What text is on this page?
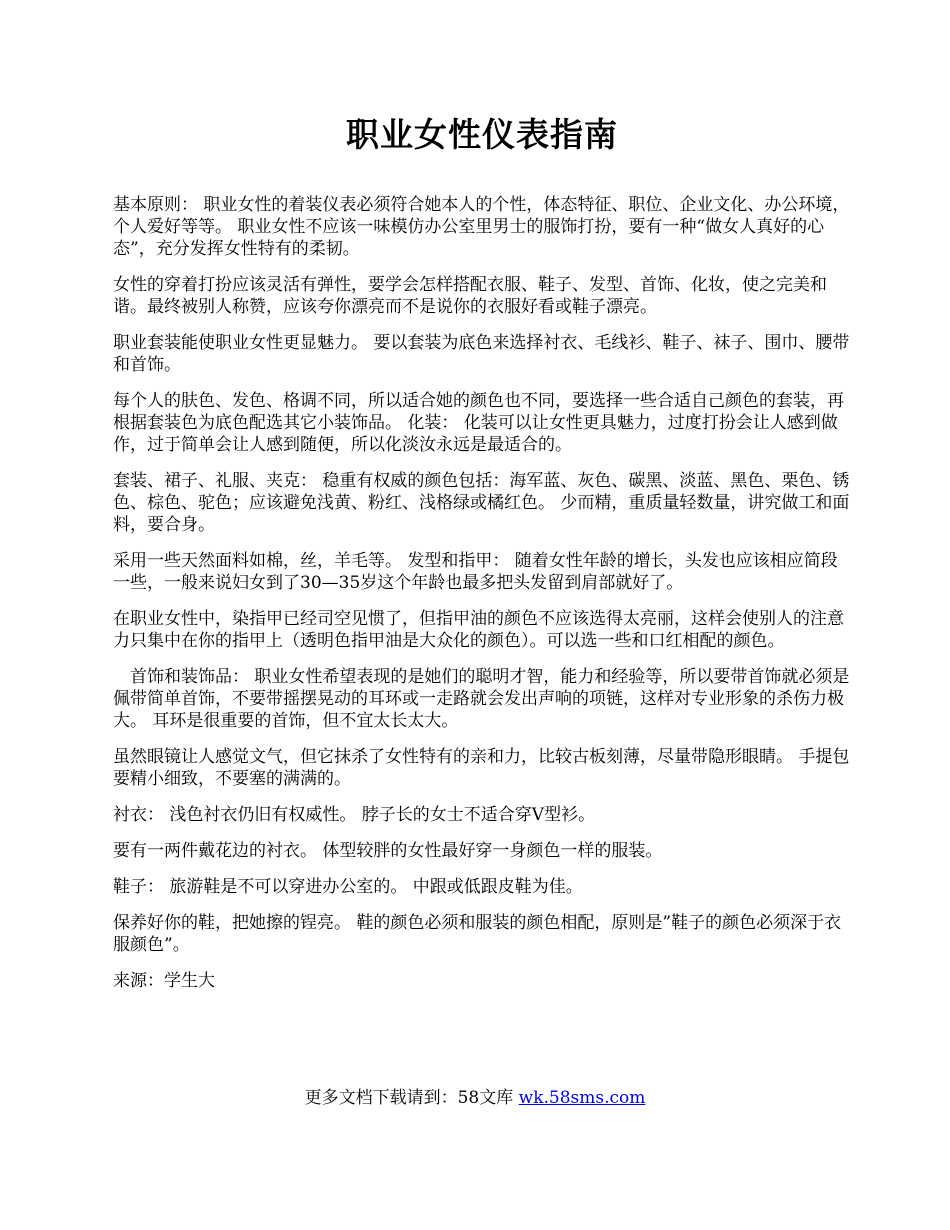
职业女性仪表指南

基本原则： 职业女性的着装仪表必须符合她本人的个性，体态特征、职位、企业文化、办公环境，个人爱好等等。 职业女性不应该一味模仿办公室里男士的服饰打扮，要有一种“做女人真好的心态”，充分发挥女性特有的柔韧。

女性的穿着打扮应该灵活有弹性，要学会怎样搭配衣服、鞋子、发型、首饰、化妆，使之完美和谐。最终被别人称赞，应该夸你漂亮而不是说你的衣服好看或鞋子漂亮。

职业套装能使职业女性更显魅力。 要以套装为底色来选择衬衣、毛线衫、鞋子、袜子、围巾、腰带和首饰。

每个人的肤色、发色、格调不同，所以适合她的颜色也不同，要选择一些合适自己颜色的套装，再根据套装色为底色配选其它小装饰品。 化装： 化装可以让女性更具魅力，过度打扮会让人感到做作，过于简单会让人感到随便，所以化淡汝永远是最适合的。

套装、裙子、礼服、夹克： 稳重有权威的颜色包括：海军蓝、灰色、碳黑、淡蓝、黑色、栗色、锈色、棕色、驼色；应该避免浅黄、粉红、浅格绿或橘红色。 少而精，重质量轻数量，讲究做工和面料，要合身。

采用一些天然面料如棉，丝，羊毛等。 发型和指甲： 随着女性年龄的增长，头发也应该相应简段一些，一般来说妇女到了30—35岁这个年龄也最多把头发留到肩部就好了。

在职业女性中，染指甲已经司空见惯了，但指甲油的颜色不应该选得太亮丽，这样会使别人的注意力只集中在你的指甲上（透明色指甲油是大众化的颜色）。可以选一些和口红相配的颜色。

首饰和装饰品： 职业女性希望表现的是她们的聪明才智，能力和经验等，所以要带首饰就必须是佩带简单首饰，不要带摇摆晃动的耳环或一走路就会发出声响的项链，这样对专业形象的杀伤力极大。 耳环是很重要的首饰，但不宜太长太大。

虽然眼镜让人感觉文气，但它抹杀了女性特有的亲和力，比较古板刻薄，尽量带隐形眼睛。 手提包要精小细致，不要塞的满满的。

衬衣： 浅色衬衣仍旧有权威性。 脖子长的女士不适合穿V型衫。

要有一两件戴花边的衬衣。 体型较胖的女性最好穿一身颜色一样的服装。

鞋子： 旅游鞋是不可以穿进办公室的。 中跟或低跟皮鞋为佳。

保养好你的鞋，把她擦的锃亮。 鞋的颜色必须和服装的颜色相配，原则是”鞋子的颜色必须深于衣服颜色”。

来源：学生大

更多文档下载请到：58文库 wk.58sms.com
